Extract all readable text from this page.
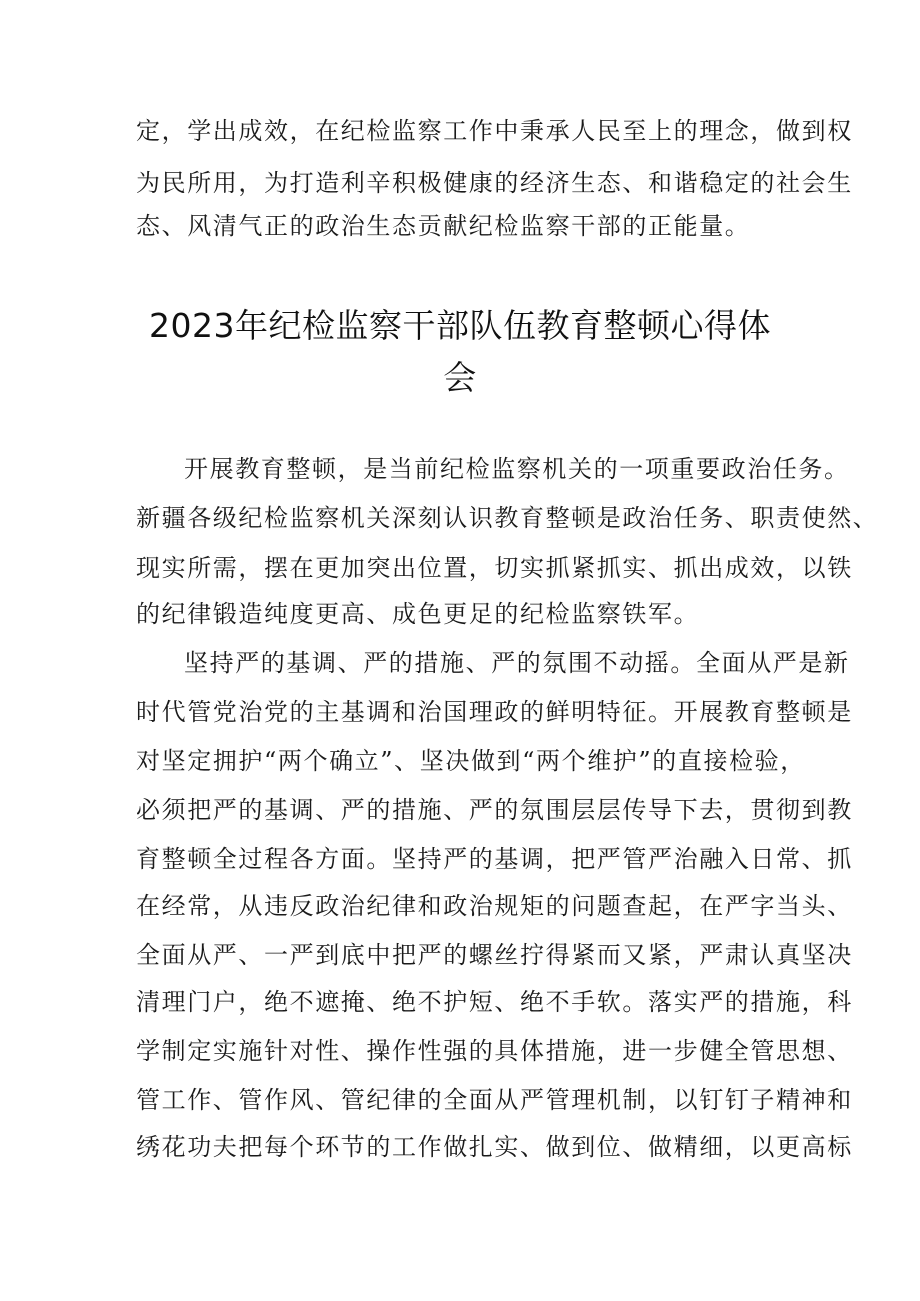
定，学出成效，在纪检监察工作中秉承人民至上的理念，做到权
为民所用，为打造利辛积极健康的经济生态、和谐稳定的社会生
态、风清气正的政治生态贡献纪检监察干部的正能量。
2023年纪检监察干部队伍教育整顿心得体
会
开展教育整顿，是当前纪检监察机关的一项重要政治任务。
新疆各级纪检监察机关深刻认识教育整顿是政治任务、职责使然、
现实所需，摆在更加突出位置，切实抓紧抓实、抓出成效，以铁
的纪律锻造纯度更高、成色更足的纪检监察铁军。
坚持严的基调、严的措施、严的氛围不动摇。全面从严是新
时代管党治党的主基调和治国理政的鲜明特征。开展教育整顿是
对坚定拥护“两个确立”、坚决做到“两个维护”的直接检验，
必须把严的基调、严的措施、严的氛围层层传导下去，贯彻到教
育整顿全过程各方面。坚持严的基调，把严管严治融入日常、抓
在经常，从违反政治纪律和政治规矩的问题查起，在严字当头、
全面从严、一严到底中把严的螺丝拧得紧而又紧，严肃认真坚决
清理门户，绝不遮掩、绝不护短、绝不手软。落实严的措施，科
学制定实施针对性、操作性强的具体措施，进一步健全管思想、
管工作、管作风、管纪律的全面从严管理机制，以钉钉子精神和
绣花功夫把每个环节的工作做扎实、做到位、做精细，以更高标
